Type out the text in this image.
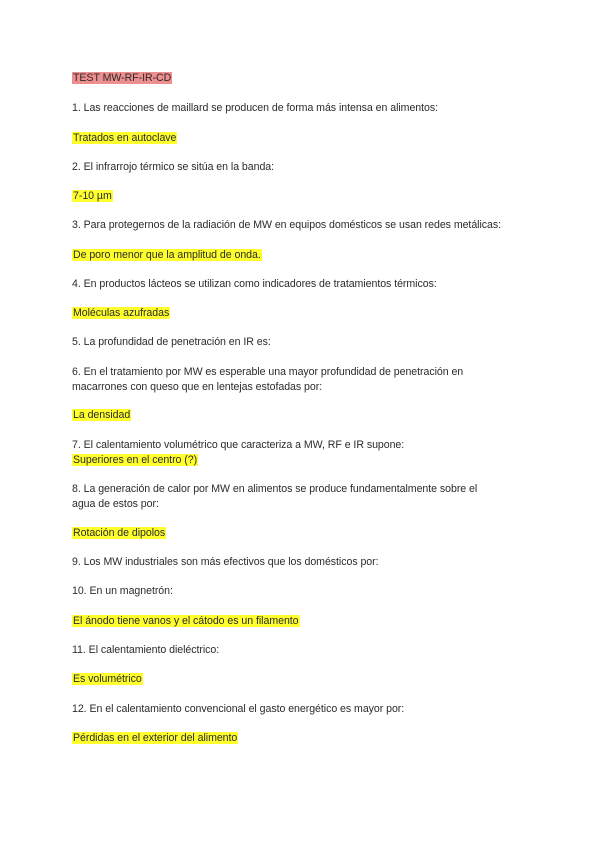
TEST MW-RF-IR-CD
1. Las reacciones de maillard se producen de forma más intensa en alimentos:
Tratados en autoclave
2. El infrarrojo térmico se sitúa en la banda:
7-10 µm
3. Para protegernos de la radiación de MW en equipos domésticos se usan redes metálicas:
De poro menor que la amplitud de onda.
4. En productos lácteos se utilizan como indicadores de tratamientos térmicos:
Moléculas azufradas
5. La profundidad de penetración en IR es:
6. En el tratamiento por MW es esperable una mayor profundidad de penetración en
macarrones con queso que en lentejas estofadas por:
La densidad
7. El calentamiento volumétrico que caracteriza a MW, RF e IR supone:
Superiores en el centro (?)
8. La generación de calor por MW en alimentos se produce fundamentalmente sobre el
agua de estos por:
Rotación de dipolos
9. Los MW industriales son más efectivos que los domésticos por:
10. En un magnetrón:
El ánodo tiene vanos y el cátodo es un filamento
11. El calentamiento dieléctrico:
Es volumétrico
12. En el calentamiento convencional el gasto energético es mayor por:
Pérdidas en el exterior del alimento
